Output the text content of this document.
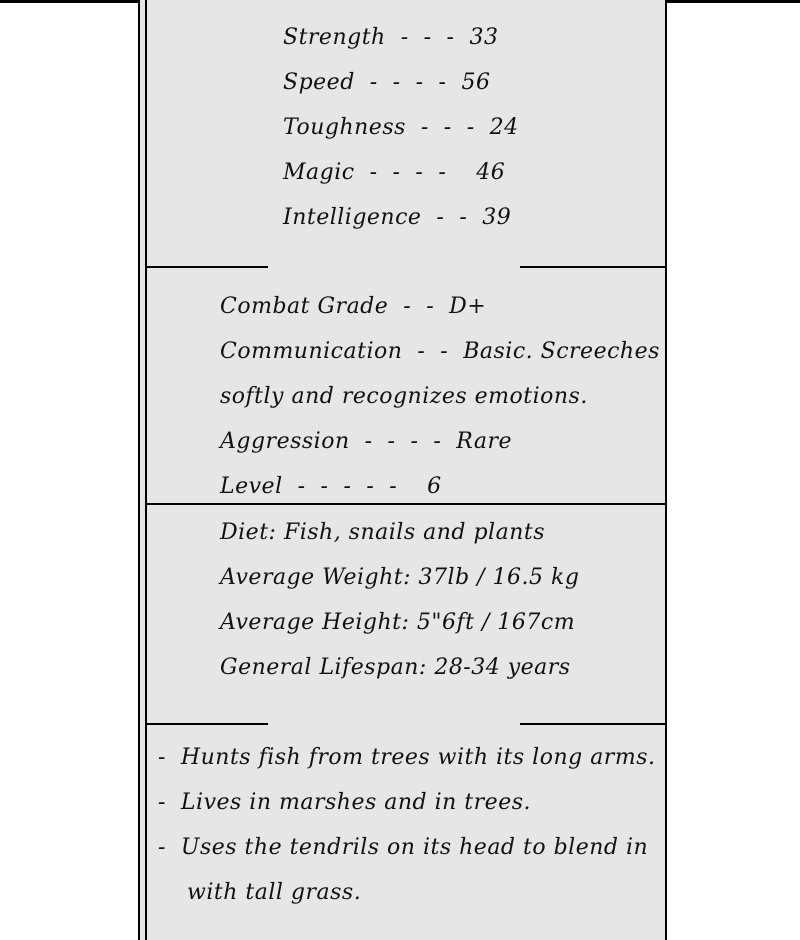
Strength  -  -  -  33
Speed  -  -  -  -  56
Toughness  -  -  -  24
Magic  -  -  -  -    46
Intelligence  -  -  39
Combat Grade  -  -  D+
Communication  -  -  Basic. Screeches
softly and recognizes emotions.
Aggression  -  -  -  -  Rare
Level  -  -  -  -  -    6
Diet: Fish, snails and plants
Average Weight: 37lb / 16.5 kg
Average Height: 5"6ft / 167cm
General Lifespan: 28-34 years
-  Hunts fish from trees with its long arms.
-  Lives in marshes and in trees.
-  Uses the tendrils on its head to blend in
with tall grass.
